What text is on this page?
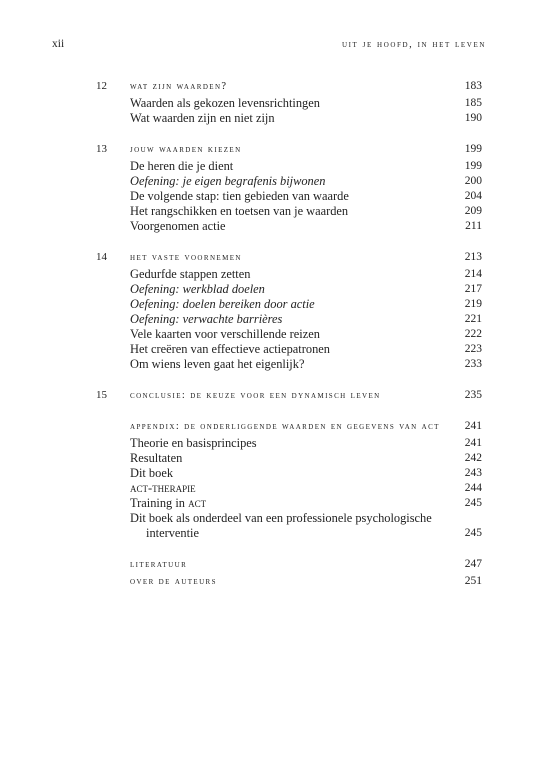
xii	uit je hoofd, in het leven
12 wat zijn waarden?	183
Waarden als gekozen levensrichtingen	185
Wat waarden zijn en niet zijn	190
13 jouw waarden kiezen	199
De heren die je dient	199
Oefening: je eigen begrafenis bijwonen	200
De volgende stap: tien gebieden van waarde	204
Het rangschikken en toetsen van je waarden	209
Voorgenomen actie	211
14 het vaste voornemen	213
Gedurfde stappen zetten	214
Oefening: werkblad doelen	217
Oefening: doelen bereiken door actie	219
Oefening: verwachte barrières	221
Vele kaarten voor verschillende reizen	222
Het creëren van effectieve actiepatronen	223
Om wiens leven gaat het eigenlijk?	233
15 conclusie: de keuze voor een dynamisch leven	235
appendix: de onderliggende waarden en gegevens van act	241
Theorie en basisprincipes	241
Resultaten	242
Dit boek	243
act-therapie	244
Training in act	245
Dit boek als onderdeel van een professionele psychologische
interventie	245
literatuur	247
over de auteurs	251
